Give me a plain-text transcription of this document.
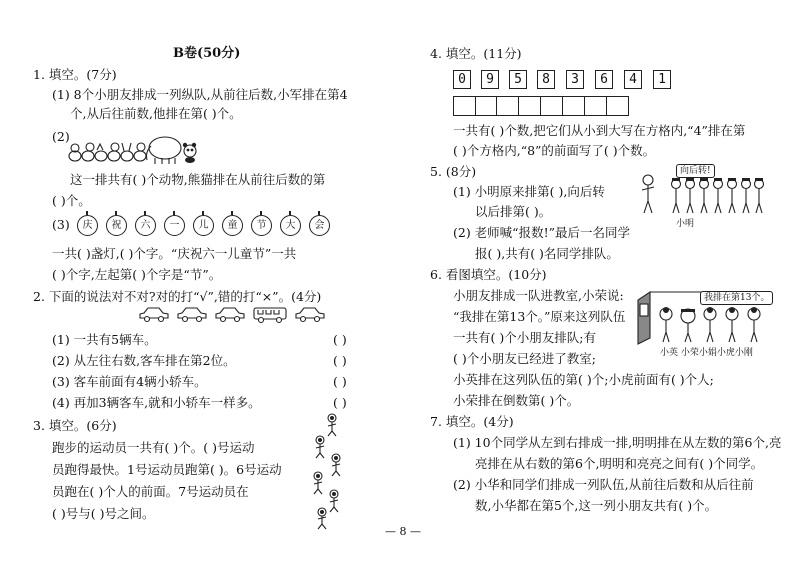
B卷(50分)
1. 填空。(7分)
(1) 8个小朋友排成一列纵队,从前往后数,小军排在第4
个,从后往前数,他排在第( )个。
(2)
这一排共有( )个动物,熊猫排在从前往后数的第
( )个。
(3)	庆	祝	六	一	儿	童	节	大	会
一共( )盏灯,( )个字。“庆祝六一儿童节”一共
( )个字,左起第( )个字是“节”。
2. 下面的说法对不对?对的打“√”,错的打“×”。(4分)
(1) 一共有5辆车。	( )
(2) 从左往右数,客车排在第2位。	( )
(3) 客车前面有4辆小轿车。	( )
(4) 再加3辆客车,就和小轿车一样多。	( )
3. 填空。(6分)
跑步的运动员一共有( )个。( )号运动
员跑得最快。1号运动员跑第( )。6号运动
员跑在( )个人的前面。7号运动员在
( )号与( )号之间。
4. 填空。(11分)
0	9	5	8	3	6	4	1
一共有( )个数,把它们从小到大写在方格内,“4”排在第
( )个方格内,“8”的前面写了( )个数。
5. (8分)
(1) 小明原来排第( ),向后转
以后排第( )。
(2) 老师喊“报数!”最后一名同学
报( ),共有( )名同学排队。
向后转!
小明
6. 看图填空。(10分)
小朋友排成一队进教室,小荣说:
“我排在第13个。”原来这列队伍
一共有( )个小朋友排队;有
( )个小朋友已经进了教室;
小英排在这列队伍的第( )个;小虎前面有( )个人;
小荣排在倒数第( )个。
我排在第13个。
小英 小荣小娟小虎小刚
7. 填空。(4分)
(1) 10个同学从左到右排成一排,明明排在从左数的第6个,亮
亮排在从右数的第6个,明明和亮亮之间有( )个同学。
(2) 小华和同学们排成一列队伍,从前往后数和从后往前
数,小华都在第5个,这一列小朋友共有( )个。
— 8 —
